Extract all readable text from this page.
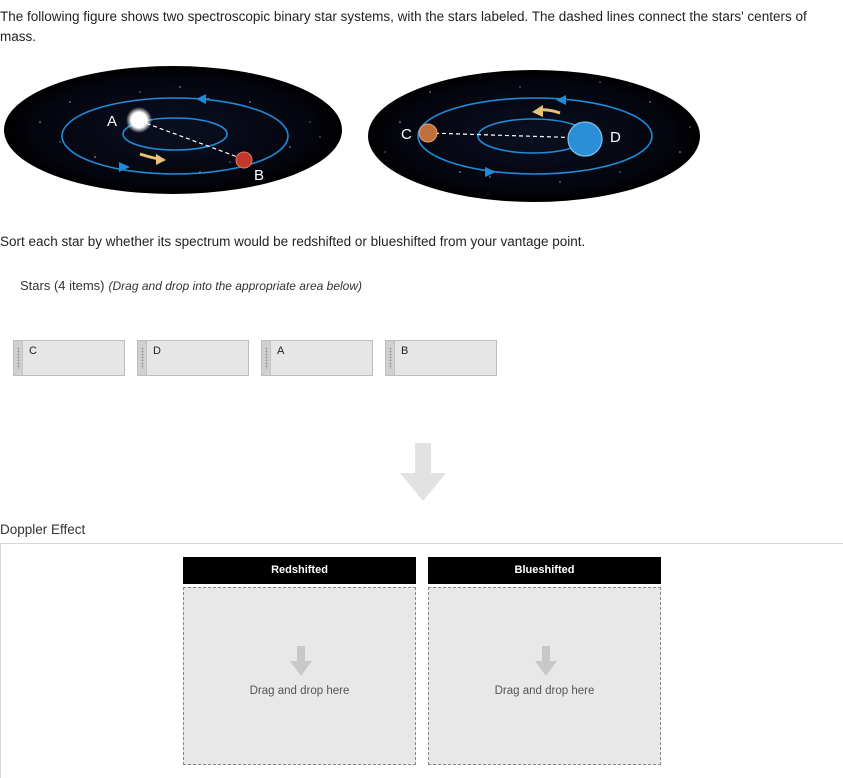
The following figure shows two spectroscopic binary star systems, with the stars labeled. The dashed lines connect the stars' centers of mass.
A
B
C	D
Sort each star by whether its spectrum would be redshifted or blueshifted from your vantage point.
Stars (4 items) (Drag and drop into the appropriate area below)
C	D	A	B
Doppler Effect
Redshifted
Drag and drop here
Blueshifted
Drag and drop here
